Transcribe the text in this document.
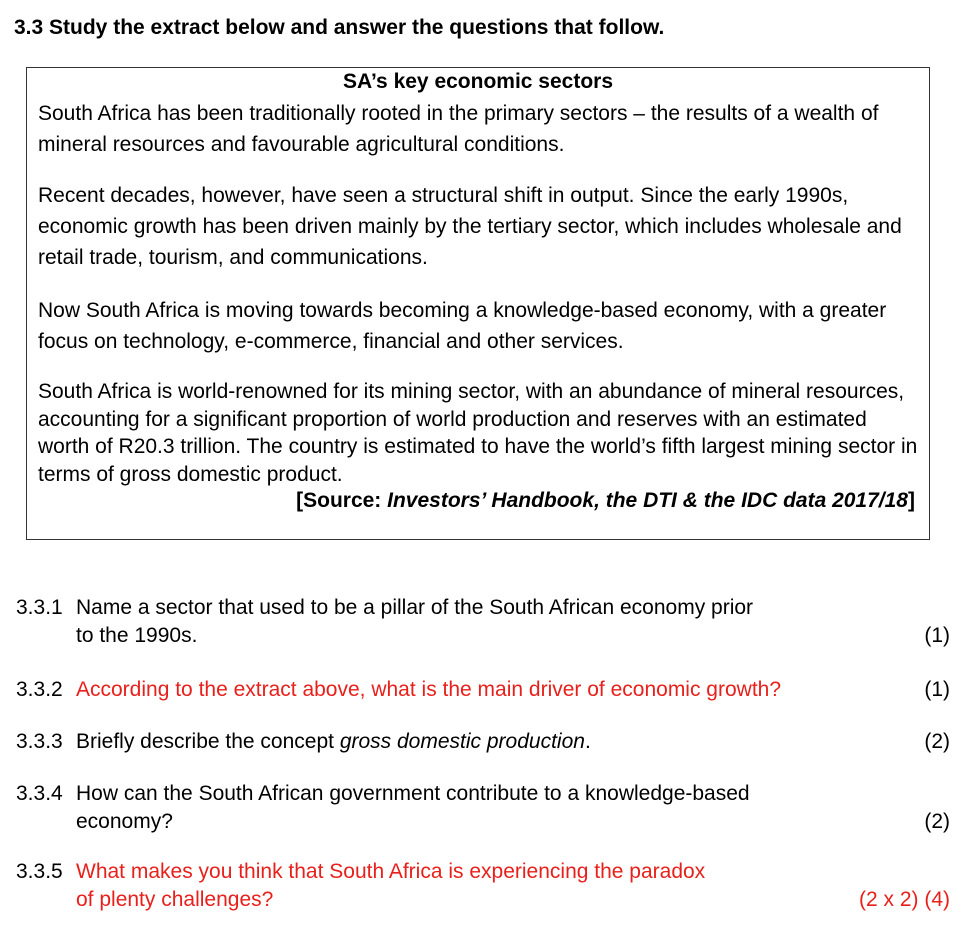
3.3 Study the extract below and answer the questions that follow.
SA’s key economic sectors
South Africa has been traditionally rooted in the primary sectors – the results of a wealth of mineral resources and favourable agricultural conditions.
Recent decades, however, have seen a structural shift in output. Since the early 1990s, economic growth has been driven mainly by the tertiary sector, which includes wholesale and retail trade, tourism, and communications.
Now South Africa is moving towards becoming a knowledge-based economy, with a greater focus on technology, e-commerce, financial and other services.
South Africa is world-renowned for its mining sector, with an abundance of mineral resources, accounting for a significant proportion of world production and reserves with an estimated worth of R20.3 trillion. The country is estimated to have the world’s fifth largest mining sector in terms of gross domestic product.
[Source: Investors’ Handbook, the DTI & the IDC data 2017/18]
3.3.1 Name a sector that used to be a pillar of the South African economy prior
to the 1990s.	(1)
3.3.2 According to the extract above, what is the main driver of economic growth?	(1)
3.3.3 Briefly describe the concept gross domestic production.	(2)
3.3.4 How can the South African government contribute to a knowledge-based
economy?	(2)
3.3.5 What makes you think that South Africa is experiencing the paradox
of plenty challenges?	(2 x 2) (4)
